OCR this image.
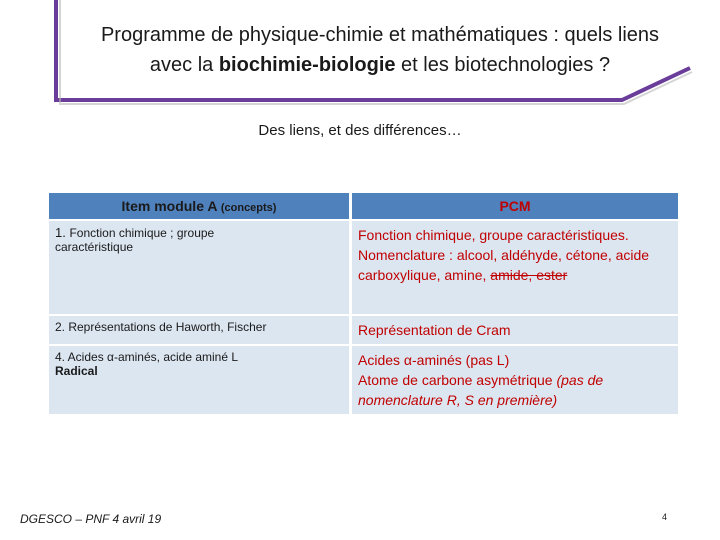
Programme de physique-chimie et mathématiques : quels liens
avec la biochimie-biologie et les biotechnologies ?
Des liens, et des différences…
Item module A (concepts)	PCM
1. Fonction chimique ; groupe
caractéristique	Fonction chimique, groupe caractéristiques.
Nomenclature : alcool, aldéhyde, cétone, acide carboxylique, amine, amide, ester
2. Représentations de Haworth, Fischer	Représentation de Cram
4. Acides α-aminés, acide aminé L
Radical	Acides α-aminés (pas L)
Atome de carbone asymétrique (pas de nomenclature R, S en première)
DGESCO – PNF 4 avril 19	4
